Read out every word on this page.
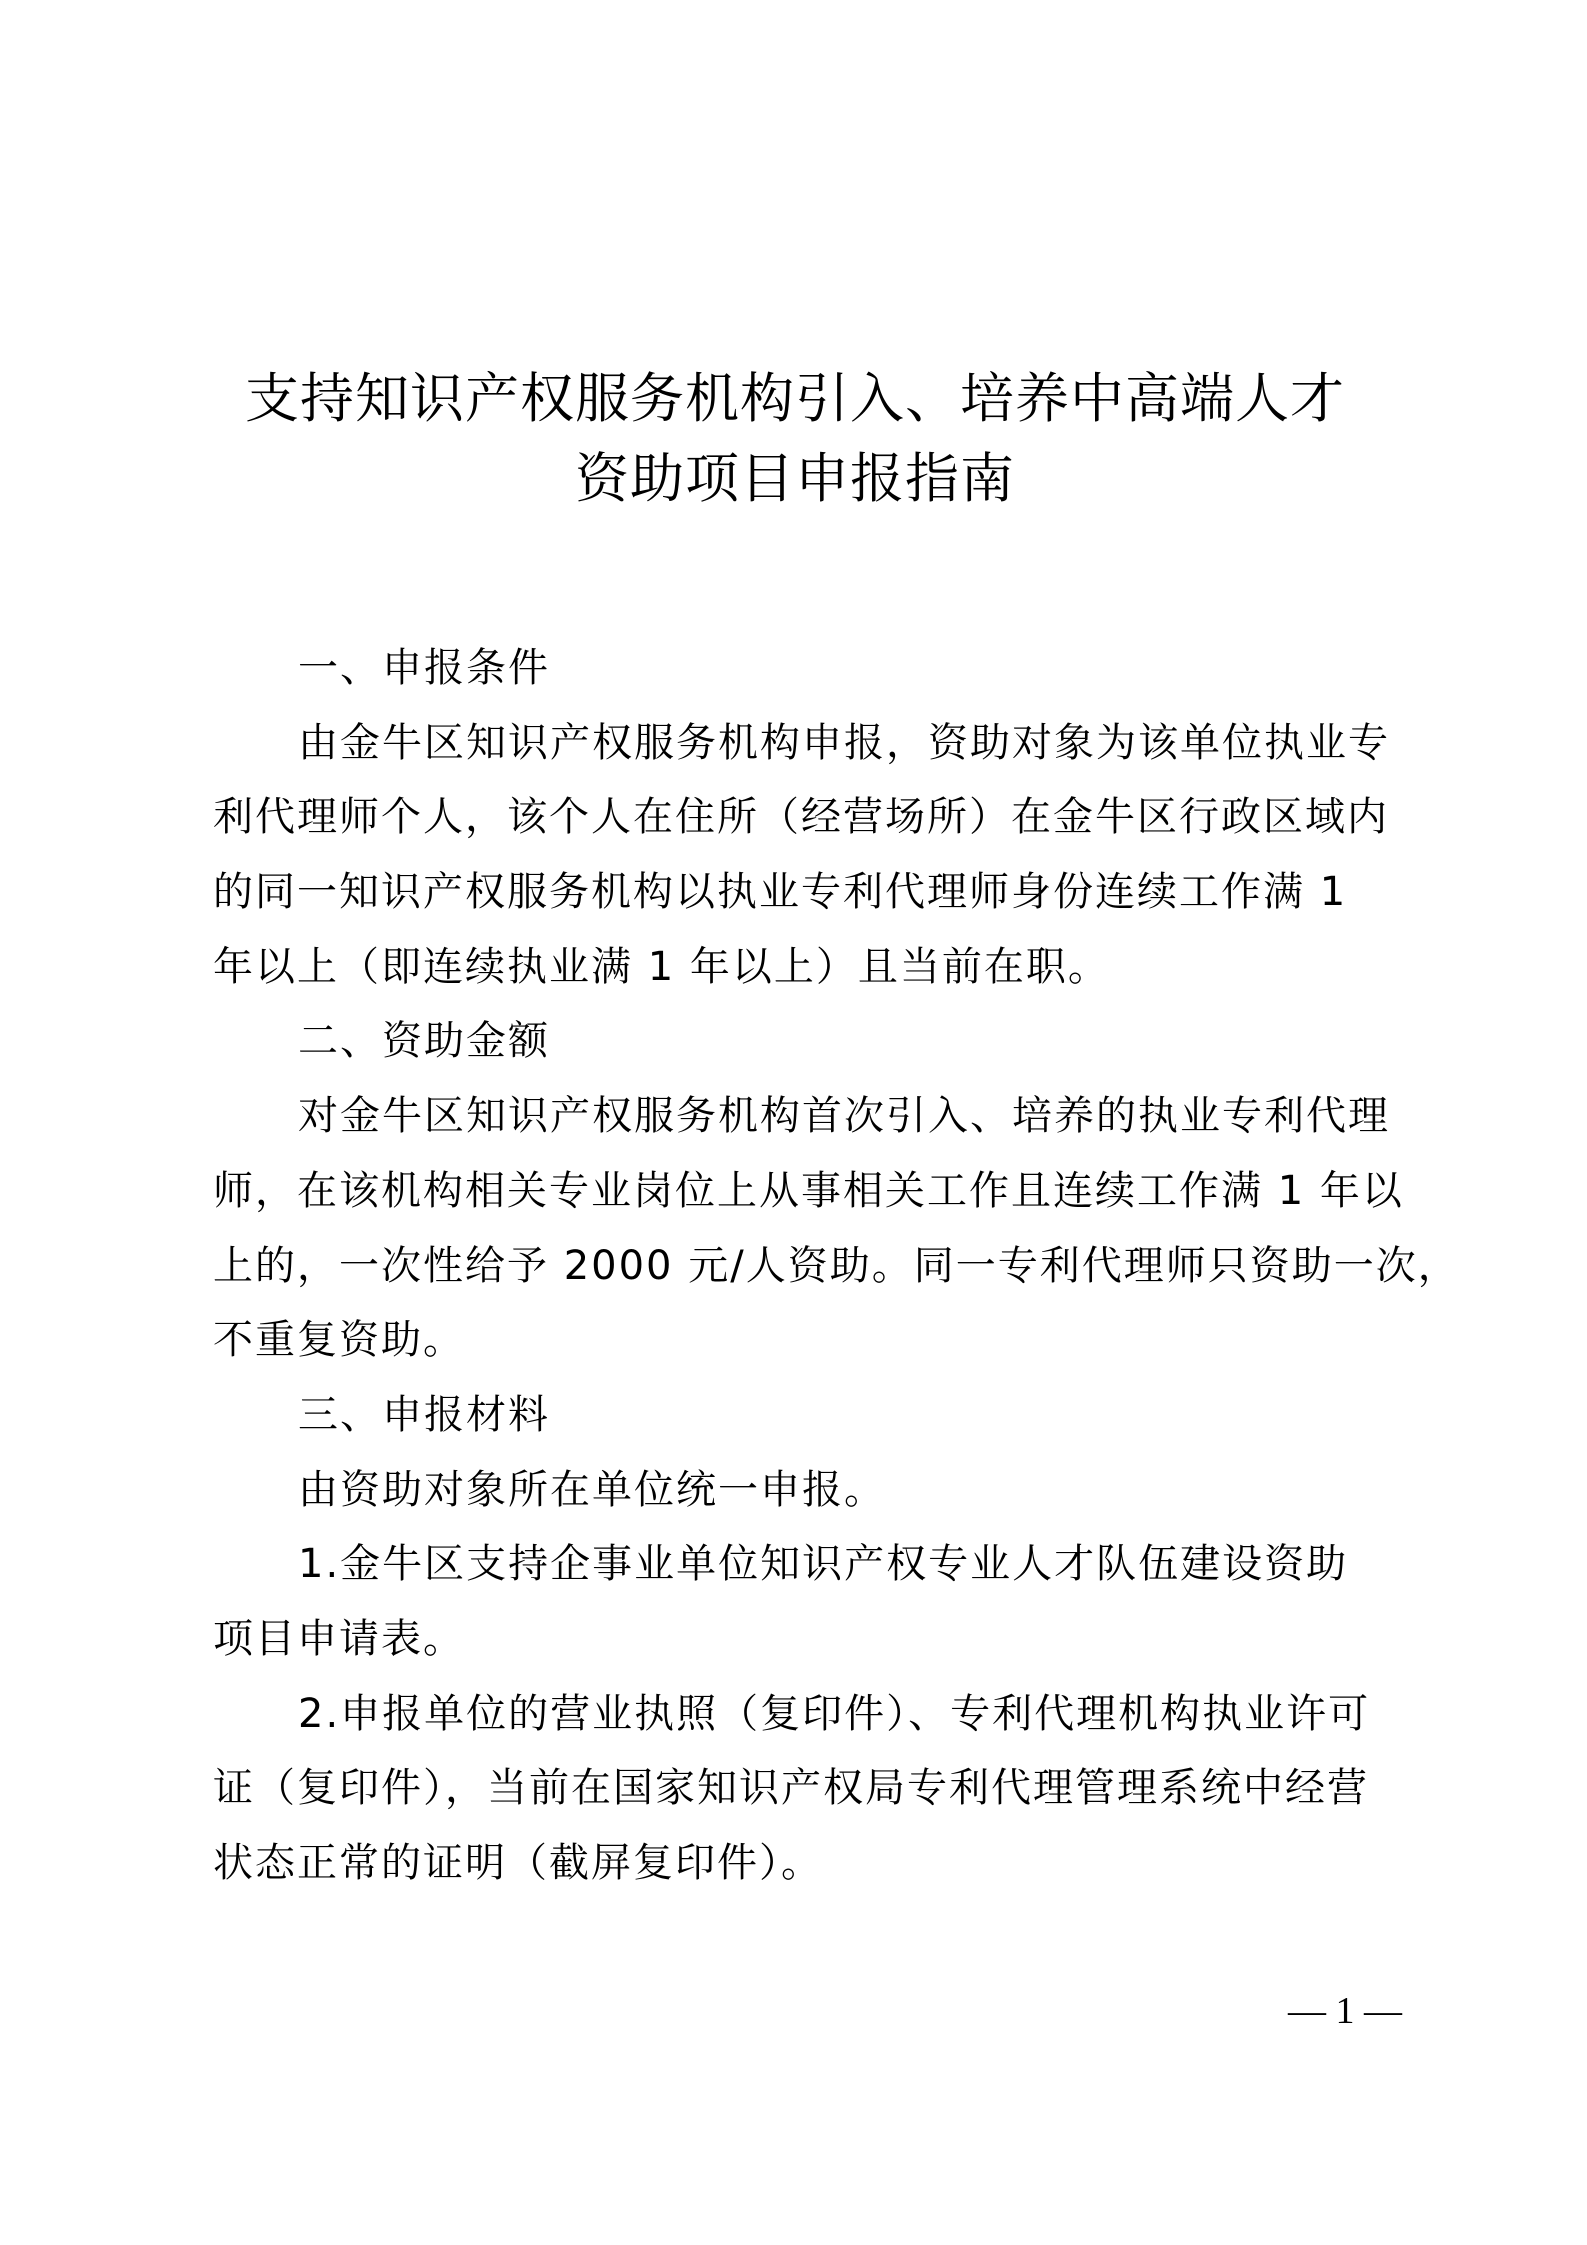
支持知识产权服务机构引入、培养中高端人才
资助项目申报指南

一、申报条件

由金牛区知识产权服务机构申报，资助对象为该单位执业专

利代理师个人，该个人在住所（经营场所）在金牛区行政区域内

的同一知识产权服务机构以执业专利代理师身份连续工作满 1

年以上（即连续执业满 1 年以上）且当前在职。

二、资助金额

对金牛区知识产权服务机构首次引入、培养的执业专利代理

师，在该机构相关专业岗位上从事相关工作且连续工作满 1 年以

上的，一次性给予 2000 元/人资助。同一专利代理师只资助一次，

不重复资助。

三、申报材料

由资助对象所在单位统一申报。

1.金牛区支持企事业单位知识产权专业人才队伍建设资助

项目申请表。

2.申报单位的营业执照（复印件）、专利代理机构执业许可

证（复印件），当前在国家知识产权局专利代理管理系统中经营

状态正常的证明（截屏复印件）。

— 1 —
